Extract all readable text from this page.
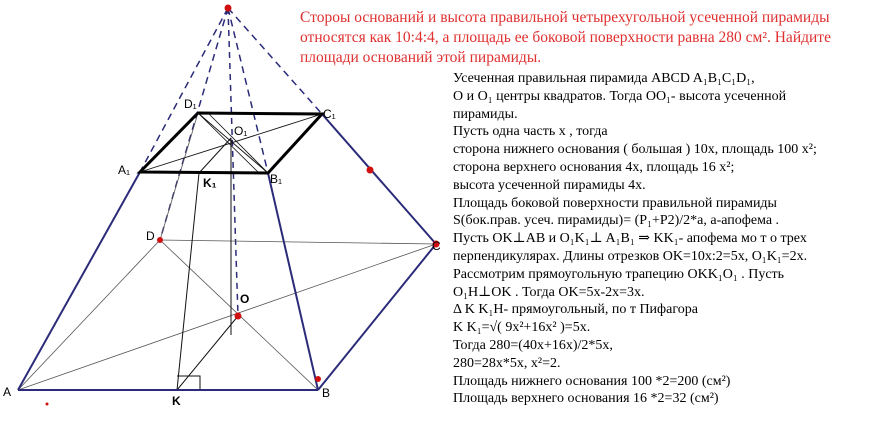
A	B
C
D
A₁
B₁
C₁
D₁
O
O₁
K
K₁

Стороы оснований и высота правильной четырехугольной усеченной пирамиды относятся как 10:4:4, а площадь ее боковой поверхности равна 280 см². Найдите площади оснований этой пирамиды.

Усеченная правильная пирамида ABCD A₁B₁C₁D₁,
O и O₁ центры квадратов. Тогда OO₁- высота усеченной
пирамиды.
Пусть одна часть x , тогда
сторона нижнего основания ( большая ) 10x, площадь 100 x²;
сторона верхнего основания 4x, площадь 16 x²;
высота усеченной пирамиды 4x.
Площадь боковой поверхности правильной пирамиды
S(бок.прав. усеч. пирамиды)= (P₁+P2)/2*a, a-апофема .
Пусть OK⊥AB и O₁K₁⊥ A₁B₁ ⇒ KK₁- апофема мо т о трех
перпендикулярах. Длины отрезков OK=10x:2=5x, O₁K₁=2x.
Рассмотрим прямоугольную трапецию OKK₁O₁ . Пусть
O₁H⊥OK . Тогда OK=5x-2x=3x.
Δ K K₁H- прямоугольный, по т Пифагора
K K₁=√( 9x²+16x² )=5x.
Тогда 280=(40x+16x)/2*5x,
280=28x*5x, x²=2.
Площадь нижнего основания 100 *2=200 (см²)
Площадь верхнего основания 16 *2=32 (см²)
